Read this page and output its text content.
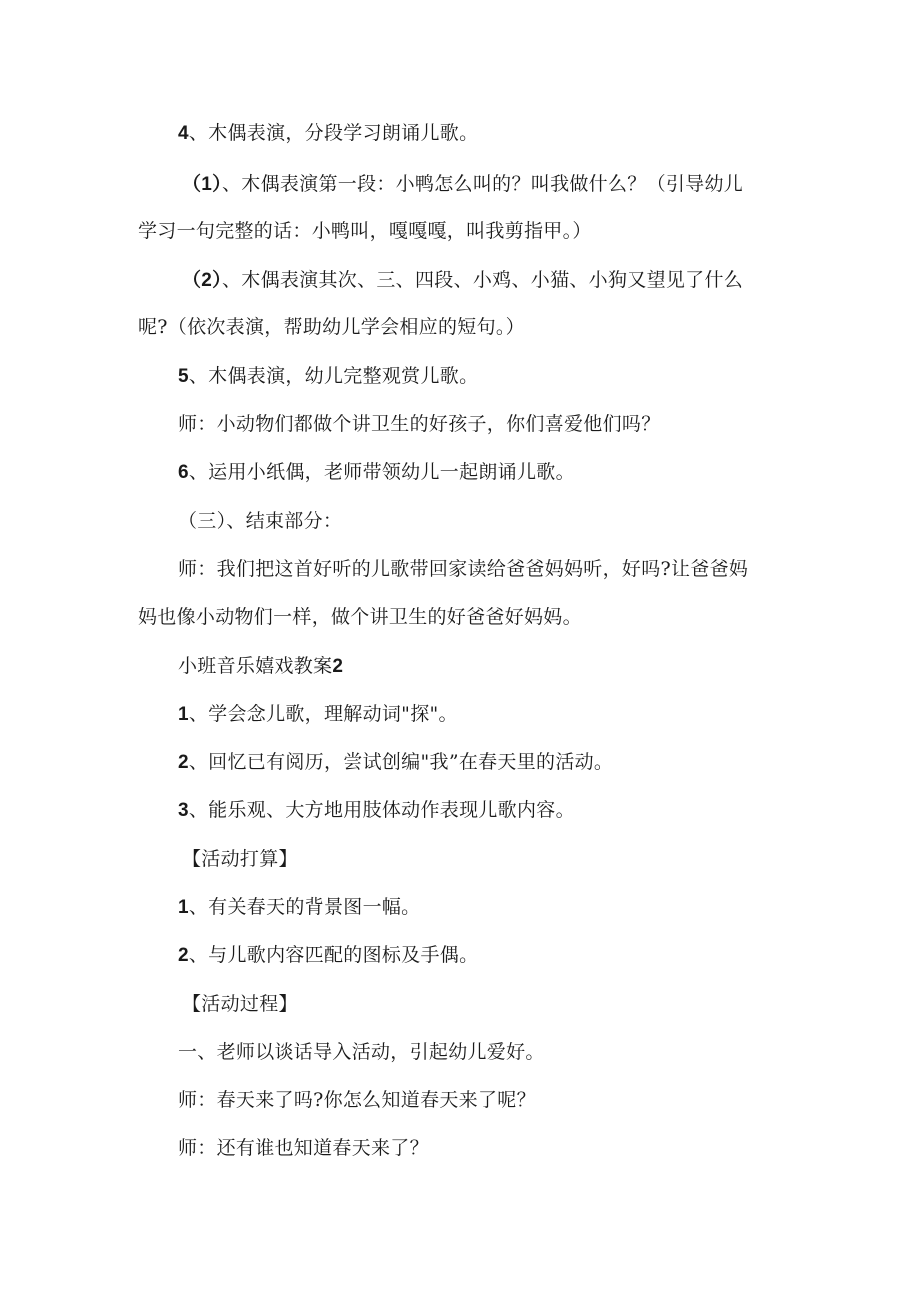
4、木偶表演，分段学习朗诵儿歌。
（1）、木偶表演第一段：小鸭怎么叫的？叫我做什么？（引导幼儿
学习一句完整的话：小鸭叫，嘎嘎嘎，叫我剪指甲。）
（2）、木偶表演其次、三、四段、小鸡、小猫、小狗又望见了什么
呢?（依次表演，帮助幼儿学会相应的短句。）
5、木偶表演，幼儿完整观赏儿歌。
师：小动物们都做个讲卫生的好孩子，你们喜爱他们吗？
6、运用小纸偶，老师带领幼儿一起朗诵儿歌。
（三）、结束部分：
师：我们把这首好听的儿歌带回家读给爸爸妈妈听，好吗?让爸爸妈
妈也像小动物们一样，做个讲卫生的好爸爸好妈妈。
小班音乐嬉戏教案2
1、学会念儿歌，理解动词"探"。
2、回忆已有阅历，尝试创编"我”在春天里的活动。
3、能乐观、大方地用肢体动作表现儿歌内容。
【活动打算】
1、有关春天的背景图一幅。
2、与儿歌内容匹配的图标及手偶。
【活动过程】
一、老师以谈话导入活动，引起幼儿爱好。
师：春天来了吗?你怎么知道春天来了呢？
师：还有谁也知道春天来了？
